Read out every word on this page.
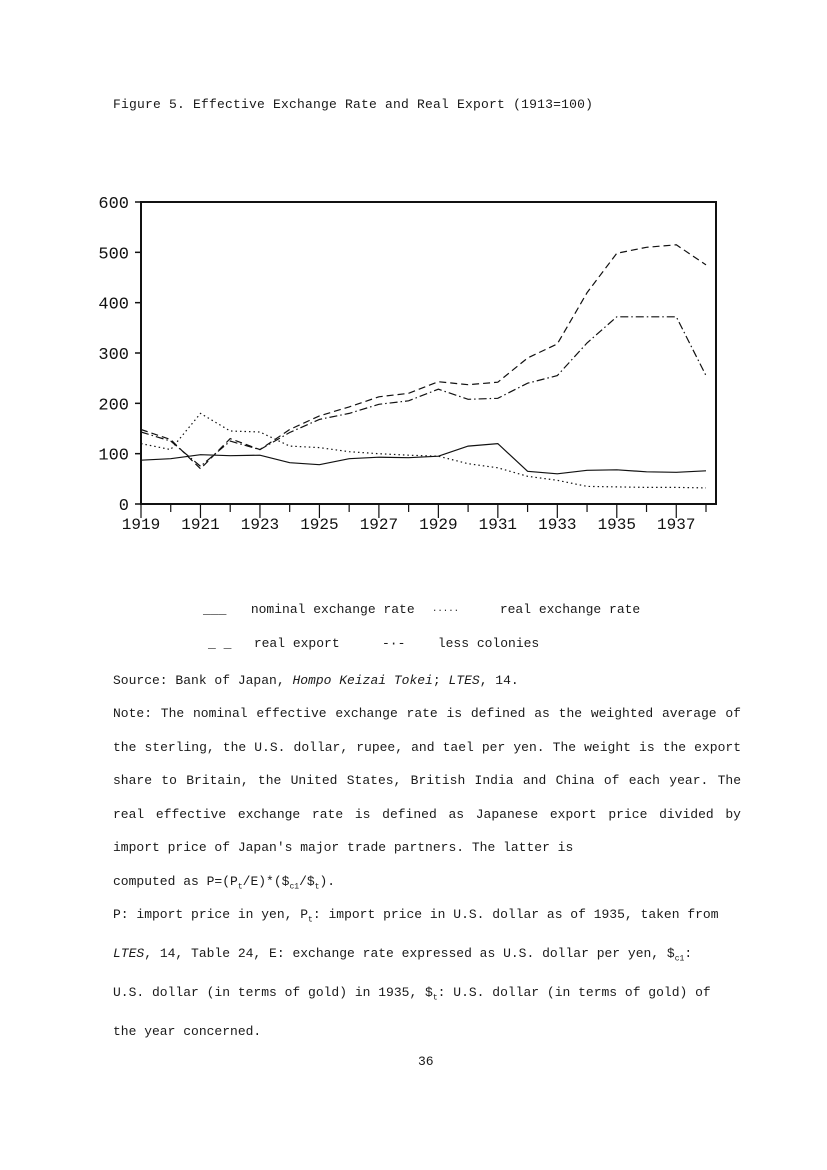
Figure 5. Effective Exchange Rate and Real Export (1913=100)
0
100
200
300
400
500
600
1919 1921 1923 1925 1927 1929 1931 1933 1935 1937
___ nominal exchange rate ·····	real exchange rate
_ _ real export	-·- less colonies
Source: Bank of Japan, Hompo Keizai Tokei; LTES, 14.
Note: The nominal effective exchange rate is defined as the weighted average of the sterling, the U.S. dollar, rupee, and tael per yen. The weight is the export share to Britain, the United States, British India and China of each year. The real effective exchange rate is defined as Japanese export price divided by import price of Japan's major trade partners. The latter is
computed as $P=(P_t/E)*(\$_{c1}/\$_t)$.
P: import price in yen, $P_t$: import price in U.S. dollar as of 1935, taken from
LTES, 14, Table 24, E: exchange rate expressed as U.S. dollar per yen, $\$_{c1}$:
U.S. dollar (in terms of gold) in 1935, $\$_t$: U.S. dollar (in terms of gold) of
the year concerned.
36
